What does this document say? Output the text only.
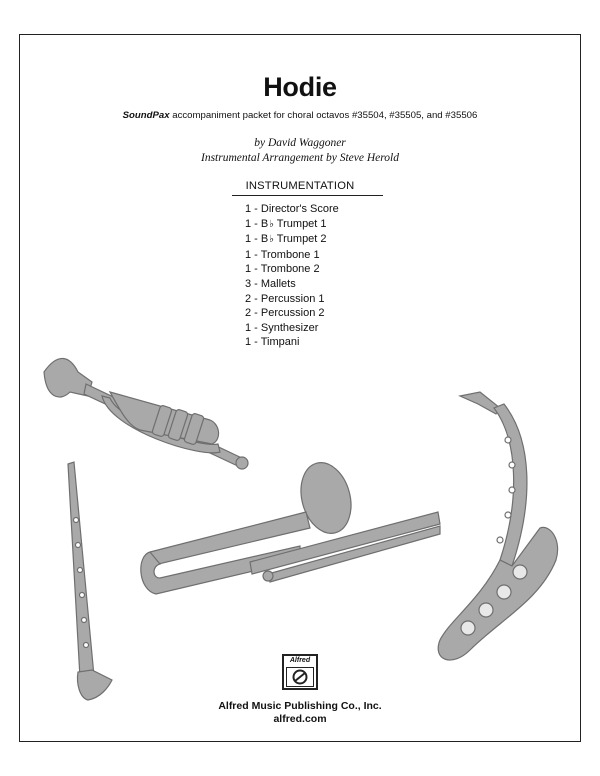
Hodie
SoundPax accompaniment packet for choral octavos #35504, #35505, and #35506
by David Waggoner
Instrumental Arrangement by Steve Herold
INSTRUMENTATION
1 - Director's Score
1 - B♭ Trumpet 1
1 - B♭ Trumpet 2
1 - Trombone 1
1 - Trombone 2
3 - Mallets
2 - Percussion 1
2 - Percussion 2
1 - Synthesizer
1 - Timpani
Alfred
Alfred Music Publishing Co., Inc.
alfred.com
